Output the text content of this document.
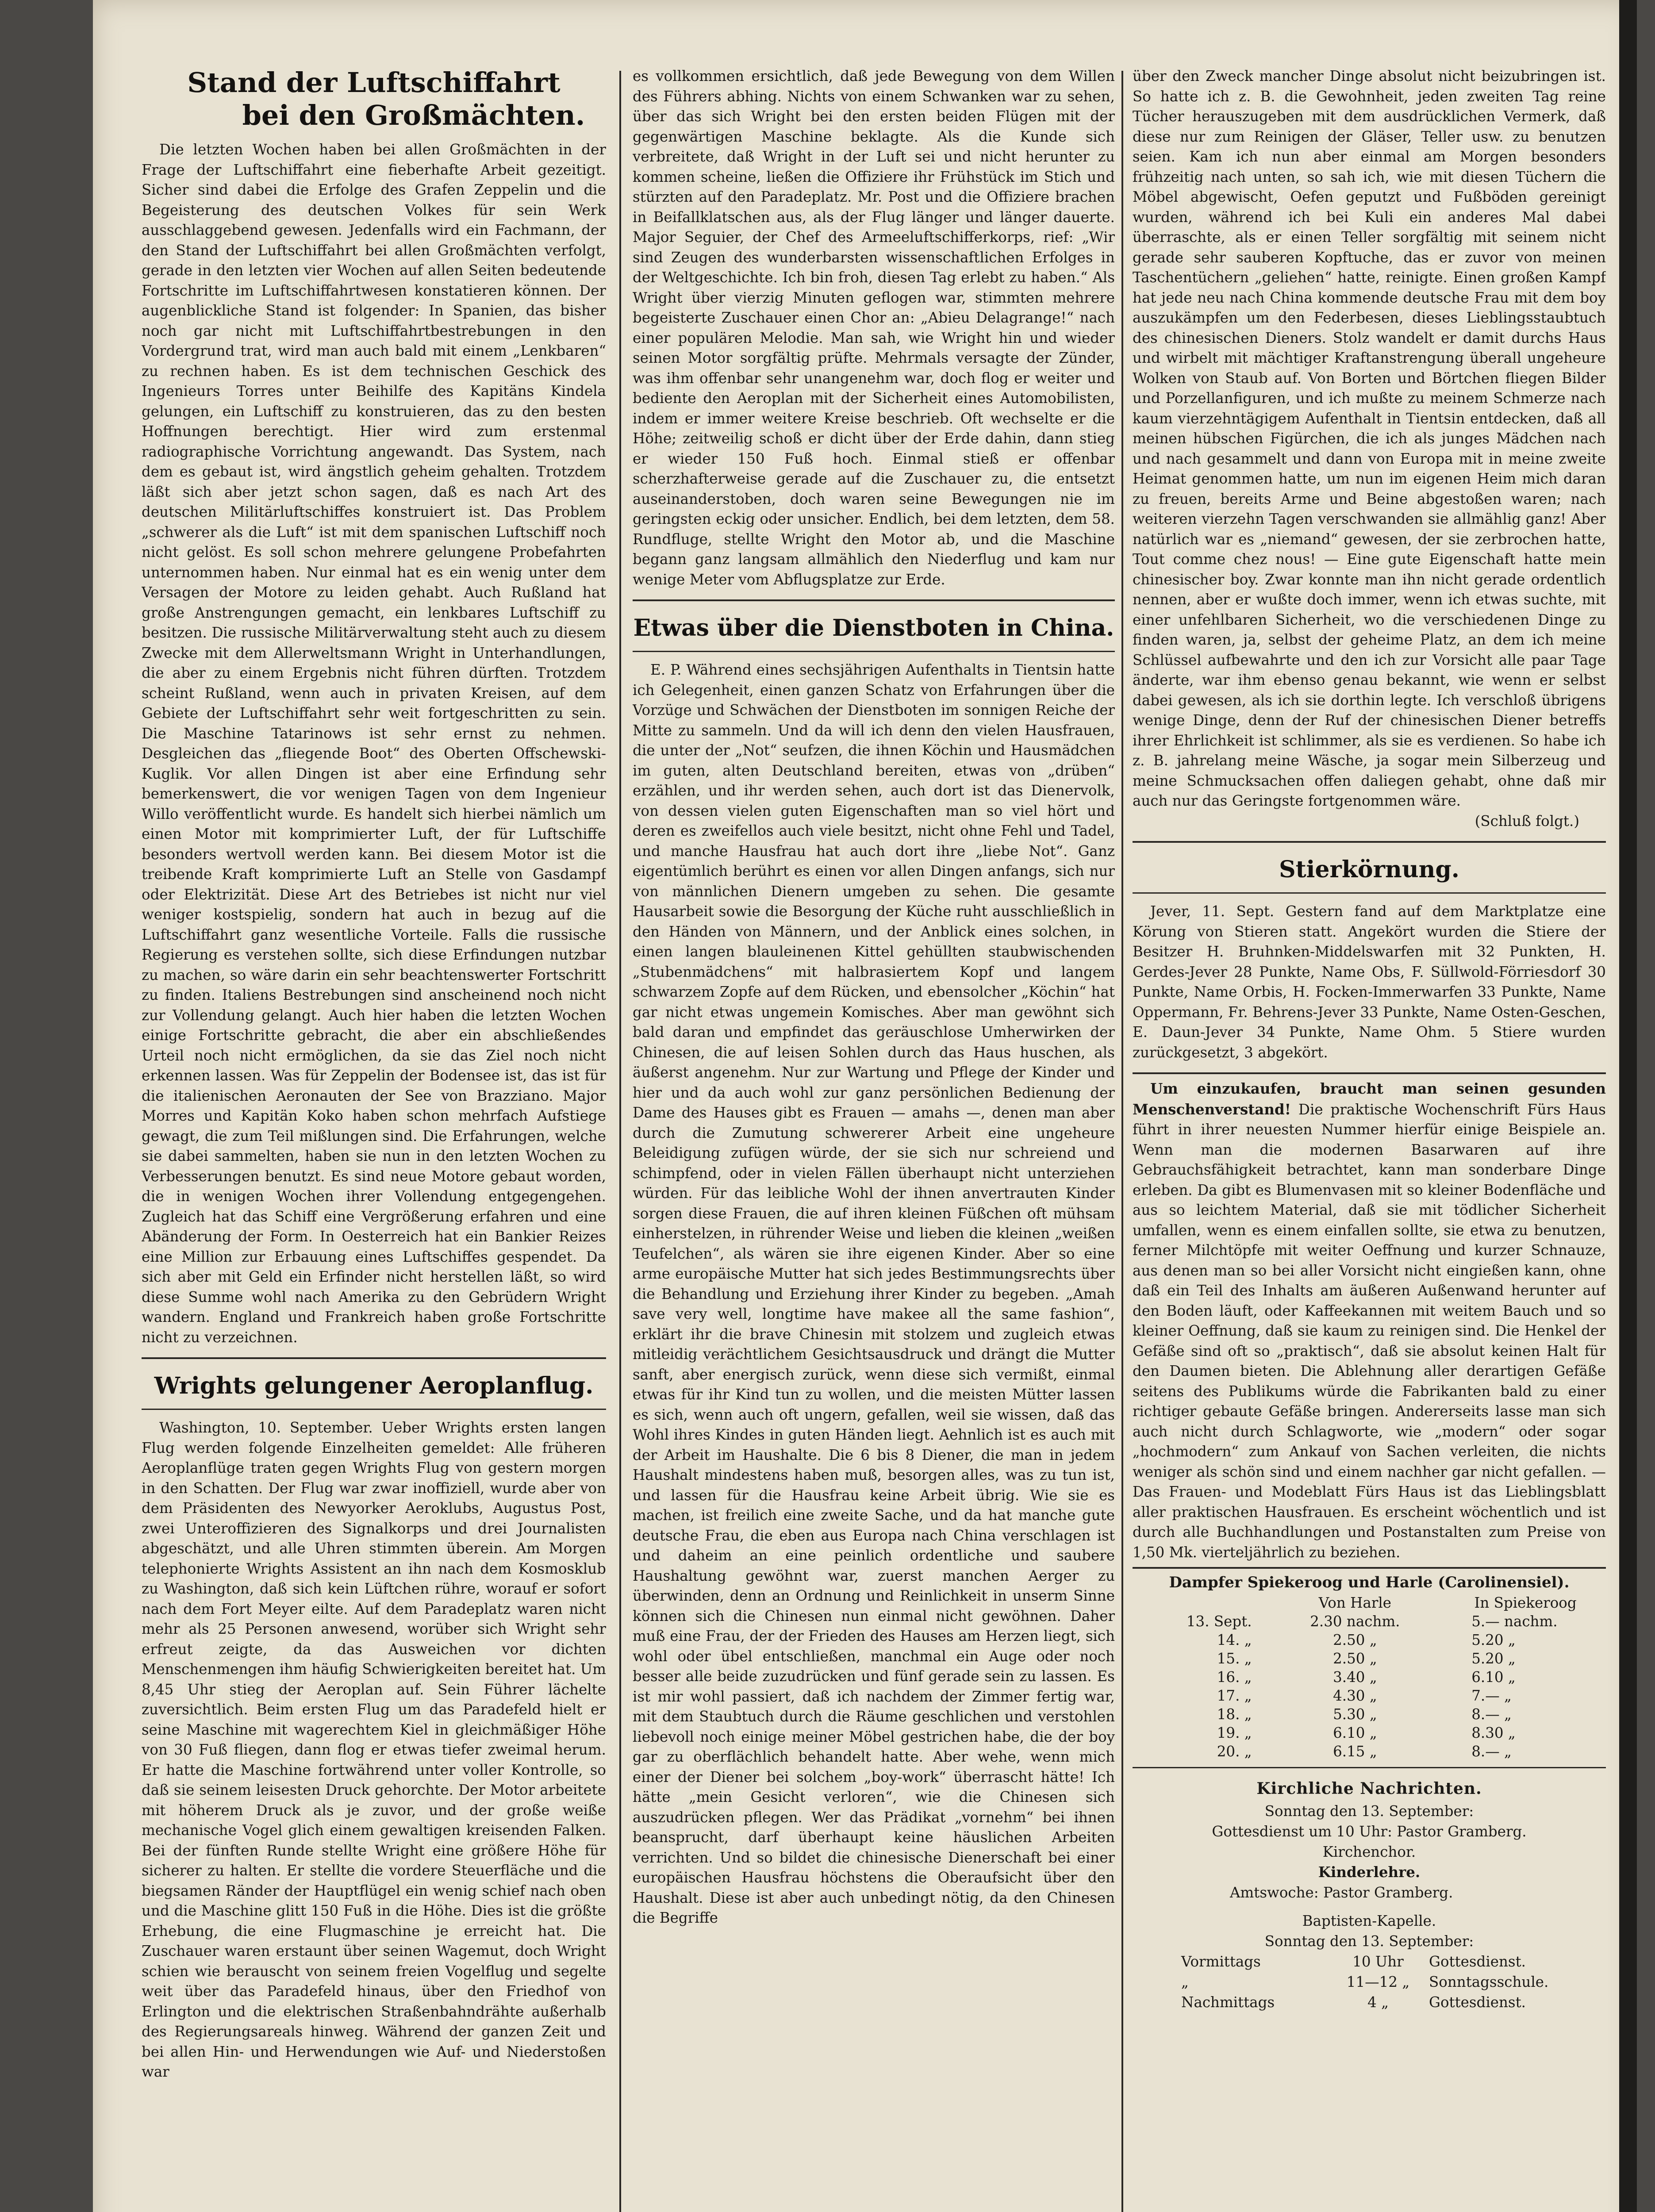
Stand der Luftschiffahrt
bei den Großmächten.

Die letzten Wochen haben bei allen Großmächten in der Frage der Luftschiffahrt eine fieberhafte Arbeit gezeitigt. Sicher sind dabei die Erfolge des Grafen Zeppelin und die Begeisterung des deutschen Volkes für sein Werk ausschlaggebend gewesen. Jedenfalls wird ein Fachmann, der den Stand der Luftschiffahrt bei allen Großmächten verfolgt, gerade in den letzten vier Wochen auf allen Seiten bedeutende Fortschritte im Luftschiffahrtwesen konstatieren können. Der augenblickliche Stand ist folgender: In Spanien, das bisher noch gar nicht mit Luftschiffahrtbestrebungen in den Vordergrund trat, wird man auch bald mit einem „Lenkbaren“ zu rechnen haben. Es ist dem technischen Geschick des Ingenieurs Torres unter Beihilfe des Kapitäns Kindela gelungen, ein Luftschiff zu konstruieren, das zu den besten Hoffnungen berechtigt. Hier wird zum erstenmal radiographische Vorrichtung angewandt. Das System, nach dem es gebaut ist, wird ängstlich geheim gehalten. Trotzdem läßt sich aber jetzt schon sagen, daß es nach Art des deutschen Militärluftschiffes konstruiert ist. Das Problem „schwerer als die Luft“ ist mit dem spanischen Luftschiff noch nicht gelöst. Es soll schon mehrere gelungene Probefahrten unternommen haben. Nur einmal hat es ein wenig unter dem Versagen der Motore zu leiden gehabt. Auch Rußland hat große Anstrengungen gemacht, ein lenkbares Luftschiff zu besitzen. Die russische Militärverwaltung steht auch zu diesem Zwecke mit dem Allerweltsmann Wright in Unterhandlungen, die aber zu einem Ergebnis nicht führen dürften. Trotzdem scheint Rußland, wenn auch in privaten Kreisen, auf dem Gebiete der Luftschiffahrt sehr weit fortgeschritten zu sein. Die Maschine Tatarinows ist sehr ernst zu nehmen. Desgleichen das „fliegende Boot“ des Oberten Offschewski-Kuglik. Vor allen Dingen ist aber eine Erfindung sehr bemerkenswert, die vor wenigen Tagen von dem Ingenieur Willo veröffentlicht wurde. Es handelt sich hierbei nämlich um einen Motor mit komprimierter Luft, der für Luftschiffe besonders wertvoll werden kann. Bei diesem Motor ist die treibende Kraft komprimierte Luft an Stelle von Gasdampf oder Elektrizität. Diese Art des Betriebes ist nicht nur viel weniger kostspielig, sondern hat auch in bezug auf die Luftschiffahrt ganz wesentliche Vorteile. Falls die russische Regierung es verstehen sollte, sich diese Erfindungen nutzbar zu machen, so wäre darin ein sehr beachtenswerter Fortschritt zu finden. Italiens Bestrebungen sind anscheinend noch nicht zur Vollendung gelangt. Auch hier haben die letzten Wochen einige Fortschritte gebracht, die aber ein abschließendes Urteil noch nicht ermöglichen, da sie das Ziel noch nicht erkennen lassen. Was für Zeppelin der Bodensee ist, das ist für die italienischen Aeronauten der See von Brazziano. Major Morres und Kapitän Koko haben schon mehrfach Aufstiege gewagt, die zum Teil mißlungen sind. Die Erfahrungen, welche sie dabei sammelten, haben sie nun in den letzten Wochen zu Verbesserungen benutzt. Es sind neue Motore gebaut worden, die in wenigen Wochen ihrer Vollendung entgegengehen. Zugleich hat das Schiff eine Vergrößerung erfahren und eine Abänderung der Form. In Oesterreich hat ein Bankier Reizes eine Million zur Erbauung eines Luftschiffes gespendet. Da sich aber mit Geld ein Erfinder nicht herstellen läßt, so wird diese Summe wohl nach Amerika zu den Gebrüdern Wright wandern. England und Frankreich haben große Fortschritte nicht zu verzeichnen.

Wrights gelungener Aeroplanflug.

Washington, 10. September. Ueber Wrights ersten langen Flug werden folgende Einzelheiten gemeldet: Alle früheren Aeroplanflüge traten gegen Wrights Flug von gestern morgen in den Schatten. Der Flug war zwar inoffiziell, wurde aber von dem Präsidenten des Newyorker Aeroklubs, Augustus Post, zwei Unteroffizieren des Signalkorps und drei Journalisten abgeschätzt, und alle Uhren stimmten überein. Am Morgen telephonierte Wrights Assistent an ihn nach dem Kosmosklub zu Washington, daß sich kein Lüftchen rühre, worauf er sofort nach dem Fort Meyer eilte. Auf dem Paradeplatz waren nicht mehr als 25 Personen anwesend, worüber sich Wright sehr erfreut zeigte, da das Ausweichen vor dichten Menschenmengen ihm häufig Schwierigkeiten bereitet hat. Um 8,45 Uhr stieg der Aeroplan auf. Sein Führer lächelte zuversichtlich. Beim ersten Flug um das Paradefeld hielt er seine Maschine mit wagerechtem Kiel in gleichmäßiger Höhe von 30 Fuß fliegen, dann flog er etwas tiefer zweimal herum. Er hatte die Maschine fortwährend unter voller Kontrolle, so daß sie seinem leisesten Druck gehorchte. Der Motor arbeitete mit höherem Druck als je zuvor, und der große weiße mechanische Vogel glich einem gewaltigen kreisenden Falken. Bei der fünften Runde stellte Wright eine größere Höhe für sicherer zu halten. Er stellte die vordere Steuerfläche und die biegsamen Ränder der Hauptflügel ein wenig schief nach oben und die Maschine glitt 150 Fuß in die Höhe. Dies ist die größte Erhebung, die eine Flugmaschine je erreicht hat. Die Zuschauer waren erstaunt über seinen Wagemut, doch Wright schien wie berauscht von seinem freien Vogelflug und segelte weit über das Paradefeld hinaus, über den Friedhof von Erlington und die elektrischen Straßenbahndrähte außerhalb des Regierungsareals hinweg. Während der ganzen Zeit und bei allen Hin- und Herwendungen wie Auf- und Niederstoßen war

es vollkommen ersichtlich, daß jede Bewegung von dem Willen des Führers abhing. Nichts von einem Schwanken war zu sehen, über das sich Wright bei den ersten beiden Flügen mit der gegenwärtigen Maschine beklagte. Als die Kunde sich verbreitete, daß Wright in der Luft sei und nicht herunter zu kommen scheine, ließen die Offiziere ihr Frühstück im Stich und stürzten auf den Paradeplatz. Mr. Post und die Offiziere brachen in Beifallklatschen aus, als der Flug länger und länger dauerte. Major Seguier, der Chef des Armeeluftschifferkorps, rief: „Wir sind Zeugen des wunderbarsten wissenschaftlichen Erfolges in der Weltgeschichte. Ich bin froh, diesen Tag erlebt zu haben.“ Als Wright über vierzig Minuten geflogen war, stimmten mehrere begeisterte Zuschauer einen Chor an: „Abieu Delagrange!“ nach einer populären Melodie. Man sah, wie Wright hin und wieder seinen Motor sorgfältig prüfte. Mehrmals versagte der Zünder, was ihm offenbar sehr unangenehm war, doch flog er weiter und bediente den Aeroplan mit der Sicherheit eines Automobilisten, indem er immer weitere Kreise beschrieb. Oft wechselte er die Höhe; zeitweilig schoß er dicht über der Erde dahin, dann stieg er wieder 150 Fuß hoch. Einmal stieß er offenbar scherzhafterweise gerade auf die Zuschauer zu, die entsetzt auseinanderstoben, doch waren seine Bewegungen nie im geringsten eckig oder unsicher. Endlich, bei dem letzten, dem 58. Rundfluge, stellte Wright den Motor ab, und die Maschine begann ganz langsam allmählich den Niederflug und kam nur wenige Meter vom Abflugsplatze zur Erde.

Etwas über die Dienstboten in China.

E. P. Während eines sechsjährigen Aufenthalts in Tientsin hatte ich Gelegenheit, einen ganzen Schatz von Erfahrungen über die Vorzüge und Schwächen der Dienstboten im sonnigen Reiche der Mitte zu sammeln. Und da will ich denn den vielen Hausfrauen, die unter der „Not“ seufzen, die ihnen Köchin und Hausmädchen im guten, alten Deutschland bereiten, etwas von „drüben“ erzählen, und ihr werden sehen, auch dort ist das Dienervolk, von dessen vielen guten Eigenschaften man so viel hört und deren es zweifellos auch viele besitzt, nicht ohne Fehl und Tadel, und manche Hausfrau hat auch dort ihre „liebe Not“. Ganz eigentümlich berührt es einen vor allen Dingen anfangs, sich nur von männlichen Dienern umgeben zu sehen. Die gesamte Hausarbeit sowie die Besorgung der Küche ruht ausschließlich in den Händen von Männern, und der Anblick eines solchen, in einen langen blauleinenen Kittel gehüllten staubwischenden „Stubenmädchens“ mit halbrasiertem Kopf und langem schwarzem Zopfe auf dem Rücken, und ebensolcher „Köchin“ hat gar nicht etwas ungemein Komisches. Aber man gewöhnt sich bald daran und empfindet das geräuschlose Umherwirken der Chinesen, die auf leisen Sohlen durch das Haus huschen, als äußerst angenehm. Nur zur Wartung und Pflege der Kinder und hier und da auch wohl zur ganz persönlichen Bedienung der Dame des Hauses gibt es Frauen — amahs —, denen man aber durch die Zumutung schwererer Arbeit eine ungeheure Beleidigung zufügen würde, der sie sich nur schreiend und schimpfend, oder in vielen Fällen überhaupt nicht unterziehen würden. Für das leibliche Wohl der ihnen anvertrauten Kinder sorgen diese Frauen, die auf ihren kleinen Füßchen oft mühsam einherstelzen, in rührender Weise und lieben die kleinen „weißen Teufelchen“, als wären sie ihre eigenen Kinder. Aber so eine arme europäische Mutter hat sich jedes Bestimmungsrechts über die Behandlung und Erziehung ihrer Kinder zu begeben. „Amah save very well, longtime have makee all the same fashion“, erklärt ihr die brave Chinesin mit stolzem und zugleich etwas mitleidig verächtlichem Gesichtsausdruck und drängt die Mutter sanft, aber energisch zurück, wenn diese sich vermißt, einmal etwas für ihr Kind tun zu wollen, und die meisten Mütter lassen es sich, wenn auch oft ungern, gefallen, weil sie wissen, daß das Wohl ihres Kindes in guten Händen liegt. Aehnlich ist es auch mit der Arbeit im Haushalte. Die 6 bis 8 Diener, die man in jedem Haushalt mindestens haben muß, besorgen alles, was zu tun ist, und lassen für die Hausfrau keine Arbeit übrig. Wie sie es machen, ist freilich eine zweite Sache, und da hat manche gute deutsche Frau, die eben aus Europa nach China verschlagen ist und daheim an eine peinlich ordentliche und saubere Haushaltung gewöhnt war, zuerst manchen Aerger zu überwinden, denn an Ordnung und Reinlichkeit in unserm Sinne können sich die Chinesen nun einmal nicht gewöhnen. Daher muß eine Frau, der der Frieden des Hauses am Herzen liegt, sich wohl oder übel entschließen, manchmal ein Auge oder noch besser alle beide zuzudrücken und fünf gerade sein zu lassen. Es ist mir wohl passiert, daß ich nachdem der Zimmer fertig war, mit dem Staubtuch durch die Räume geschlichen und verstohlen liebevoll noch einige meiner Möbel gestrichen habe, die der boy gar zu oberflächlich behandelt hatte. Aber wehe, wenn mich einer der Diener bei solchem „boy-work“ überrascht hätte! Ich hätte „mein Gesicht verloren“, wie die Chinesen sich auszudrücken pflegen. Wer das Prädikat „vornehm“ bei ihnen beansprucht, darf überhaupt keine häuslichen Arbeiten verrichten. Und so bildet die chinesische Dienerschaft bei einer europäischen Hausfrau höchstens die Oberaufsicht über den Haushalt. Diese ist aber auch unbedingt nötig, da den Chinesen die Begriffe

über den Zweck mancher Dinge absolut nicht beizubringen ist. So hatte ich z. B. die Gewohnheit, jeden zweiten Tag reine Tücher herauszugeben mit dem ausdrücklichen Vermerk, daß diese nur zum Reinigen der Gläser, Teller usw. zu benutzen seien. Kam ich nun aber einmal am Morgen besonders frühzeitig nach unten, so sah ich, wie mit diesen Tüchern die Möbel abgewischt, Oefen geputzt und Fußböden gereinigt wurden, während ich bei Kuli ein anderes Mal dabei überraschte, als er einen Teller sorgfältig mit seinem nicht gerade sehr sauberen Kopftuche, das er zuvor von meinen Taschentüchern „geliehen“ hatte, reinigte. Einen großen Kampf hat jede neu nach China kommende deutsche Frau mit dem boy auszukämpfen um den Federbesen, dieses Lieblingsstaubtuch des chinesischen Dieners. Stolz wandelt er damit durchs Haus und wirbelt mit mächtiger Kraftanstrengung überall ungeheure Wolken von Staub auf. Von Borten und Börtchen fliegen Bilder und Porzellanfiguren, und ich mußte zu meinem Schmerze nach kaum vierzehntägigem Aufenthalt in Tientsin entdecken, daß all meinen hübschen Figürchen, die ich als junges Mädchen nach und nach gesammelt und dann von Europa mit in meine zweite Heimat genommen hatte, um nun im eigenen Heim mich daran zu freuen, bereits Arme und Beine abgestoßen waren; nach weiteren vierzehn Tagen verschwanden sie allmählig ganz! Aber natürlich war es „niemand“ gewesen, der sie zerbrochen hatte, Tout comme chez nous! — Eine gute Eigenschaft hatte mein chinesischer boy. Zwar konnte man ihn nicht gerade ordentlich nennen, aber er wußte doch immer, wenn ich etwas suchte, mit einer unfehlbaren Sicherheit, wo die verschiedenen Dinge zu finden waren, ja, selbst der geheime Platz, an dem ich meine Schlüssel aufbewahrte und den ich zur Vorsicht alle paar Tage änderte, war ihm ebenso genau bekannt, wie wenn er selbst dabei gewesen, als ich sie dorthin legte. Ich verschloß übrigens wenige Dinge, denn der Ruf der chinesischen Diener betreffs ihrer Ehrlichkeit ist schlimmer, als sie es verdienen. So habe ich z. B. jahrelang meine Wäsche, ja sogar mein Silberzeug und meine Schmucksachen offen daliegen gehabt, ohne daß mir auch nur das Geringste fortgenommen wäre.

(Schluß folgt.)
Stierkörnung.

Jever, 11. Sept. Gestern fand auf dem Marktplatze eine Körung von Stieren statt. Angekört wurden die Stiere der Besitzer H. Bruhnken-Middelswarfen mit 32 Punkten, H. Gerdes-Jever 28 Punkte, Name Obs, F. Süllwold-Förriesdorf 30 Punkte, Name Orbis, H. Focken-Immerwarfen 33 Punkte, Name Oppermann, Fr. Behrens-Jever 33 Punkte, Name Osten-Geschen, E. Daun-Jever 34 Punkte, Name Ohm. 5 Stiere wurden zurückgesetzt, 3 abgekört.

Um einzukaufen, braucht man seinen gesunden Menschenverstand! Die praktische Wochenschrift Fürs Haus führt in ihrer neuesten Nummer hierfür einige Beispiele an. Wenn man die modernen Basarwaren auf ihre Gebrauchsfähigkeit betrachtet, kann man sonderbare Dinge erleben. Da gibt es Blumenvasen mit so kleiner Bodenfläche und aus so leichtem Material, daß sie mit tödlicher Sicherheit umfallen, wenn es einem einfallen sollte, sie etwa zu benutzen, ferner Milchtöpfe mit weiter Oeffnung und kurzer Schnauze, aus denen man so bei aller Vorsicht nicht eingießen kann, ohne daß ein Teil des Inhalts am äußeren Außenwand herunter auf den Boden läuft, oder Kaffeekannen mit weitem Bauch und so kleiner Oeffnung, daß sie kaum zu reinigen sind. Die Henkel der Gefäße sind oft so „praktisch“, daß sie absolut keinen Halt für den Daumen bieten. Die Ablehnung aller derartigen Gefäße seitens des Publikums würde die Fabrikanten bald zu einer richtiger gebaute Gefäße bringen. Andererseits lasse man sich auch nicht durch Schlagworte, wie „modern“ oder sogar „hochmodern“ zum Ankauf von Sachen verleiten, die nichts weniger als schön sind und einem nachher gar nicht gefallen. — Das Frauen- und Modeblatt Fürs Haus ist das Lieblingsblatt aller praktischen Hausfrauen. Es erscheint wöchentlich und ist durch alle Buchhandlungen und Postanstalten zum Preise von 1,50 Mk. vierteljährlich zu beziehen.

Dampfer Spiekeroog und Harle (Carolinensiel).
	Von Harle	In Spiekeroog
13. Sept.	2.30 nachm.	5.— nachm.
14. „	2.50 „	5.20 „
15. „	2.50 „	5.20 „
16. „	3.40 „	6.10 „
17. „	4.30 „	7.— „
18. „	5.30 „	8.— „
19. „	6.10 „	8.30 „
20. „	6.15 „	8.— „
Kirchliche Nachrichten.
Sonntag den 13. September:
Gottesdienst um 10 Uhr: Pastor Gramberg.
Kirchenchor.
Kinderlehre.
Amtswoche: Pastor Gramberg.
Baptisten-Kapelle.
Sonntag den 13. September:
Vormittags	10 Uhr	Gottesdienst.
„	11—12 „	Sonntagsschule.
Nachmittags	4 „	Gottesdienst.
